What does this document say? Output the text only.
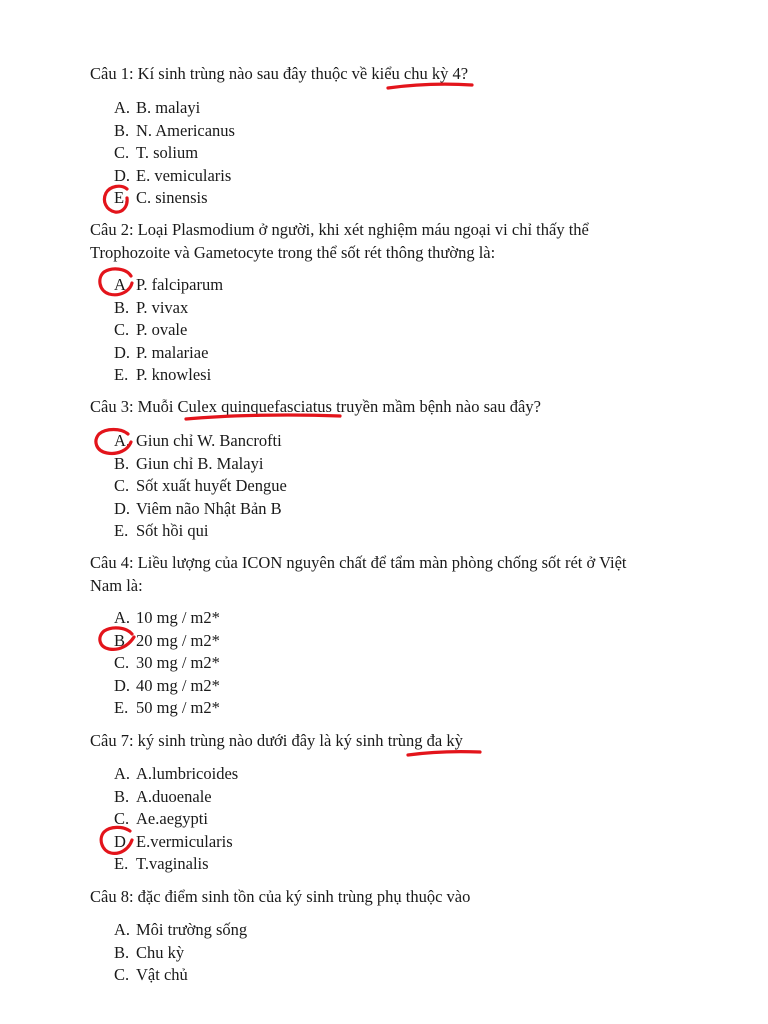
Câu 1: Kí sinh trùng nào sau đây thuộc về kiểu chu kỳ 4?
A. B. malayi
B. N. Americanus
C. T. solium
D. E. vemicularis
E. C. sinensis
Câu 2: Loại Plasmodium ở người, khi xét nghiệm máu ngoại vi chỉ thấy thể
Trophozoite và Gametocyte trong thể sốt rét thông thường là:
A. P. falciparum
B. P. vivax
C. P. ovale
D. P. malariae
E. P. knowlesi
Câu 3: Muỗi Culex quinquefasciatus truyền mầm bệnh nào sau đây?
A. Giun chỉ W. Bancrofti
B. Giun chỉ B. Malayi
C. Sốt xuất huyết Dengue
D. Viêm não Nhật Bản B
E. Sốt hồi qui
Câu 4: Liều lượng của ICON nguyên chất để tẩm màn phòng chống sốt rét ở Việt
Nam là:
A. 10 mg / m2*
B. 20 mg / m2*
C. 30 mg / m2*
D. 40 mg / m2*
E. 50 mg / m2*
Câu 7: ký sinh trùng nào dưới đây là ký sinh trùng đa kỳ
A. A.lumbricoides
B. A.duoenale
C. Ae.aegypti
D. E.vermicularis
E. T.vaginalis
Câu 8: đặc điểm sinh tồn của ký sinh trùng phụ thuộc vào
A. Môi trường sống
B. Chu kỳ
C. Vật chủ
